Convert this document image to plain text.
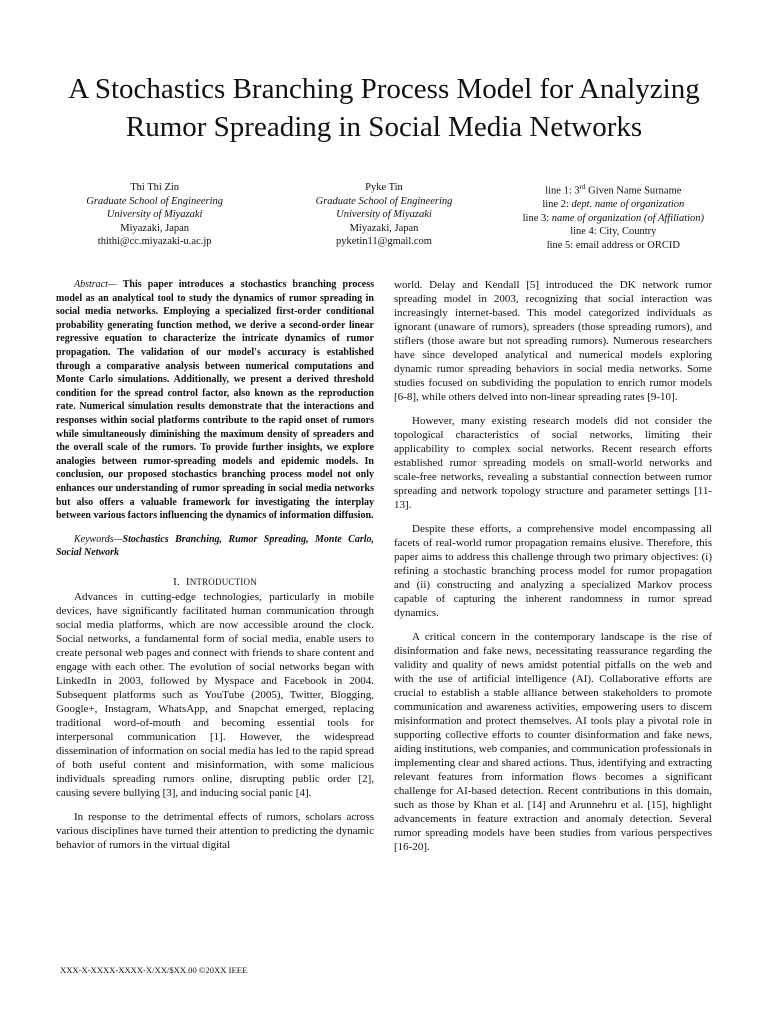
A Stochastics Branching Process Model for Analyzing Rumor Spreading in Social Media Networks
Thi Thi Zin
Graduate School of Engineering
University of Miyazaki
Miyazaki, Japan
thithi@cc.miyazaki-u.ac.jp
Pyke Tin
Graduate School of Engineering
University of Miyazaki
Miyazaki, Japan
pyketin11@gmail.com
line 1: 3rd Given Name Surname
line 2: dept. name of organization
line 3: name of organization (of Affiliation)
line 4: City, Country
line 5: email address or ORCID
Abstract— This paper introduces a stochastics branching process model as an analytical tool to study the dynamics of rumor spreading in social media networks. Employing a specialized first-order conditional probability generating function method, we derive a second-order linear regressive equation to characterize the intricate dynamics of rumor propagation. The validation of our model's accuracy is established through a comparative analysis between numerical computations and Monte Carlo simulations. Additionally, we present a derived threshold condition for the spread control factor, also known as the reproduction rate. Numerical simulation results demonstrate that the interactions and responses within social platforms contribute to the rapid onset of rumors while simultaneously diminishing the maximum density of spreaders and the overall scale of the rumors. To provide further insights, we explore analogies between rumor-spreading models and epidemic models. In conclusion, our proposed stochastics branching process model not only enhances our understanding of rumor spreading in social media networks but also offers a valuable framework for investigating the interplay between various factors influencing the dynamics of information diffusion.
Keywords—Stochastics Branching, Rumor Spreading, Monte Carlo, Social Network
I. INTRODUCTION

Advances in cutting-edge technologies, particularly in mobile devices, have significantly facilitated human communication through social media platforms, which are now accessible around the clock. Social networks, a fundamental form of social media, enable users to create personal web pages and connect with friends to share content and engage with each other. The evolution of social networks began with LinkedIn in 2003, followed by Myspace and Facebook in 2004. Subsequent platforms such as YouTube (2005), Twitter, Blogging, Google+, Instagram, WhatsApp, and Snapchat emerged, replacing traditional word-of-mouth and becoming essential tools for interpersonal communication [1]. However, the widespread dissemination of information on social media has led to the rapid spread of both useful content and misinformation, with some malicious individuals spreading rumors online, disrupting public order [2], causing severe bullying [3], and inducing social panic [4].

In response to the detrimental effects of rumors, scholars across various disciplines have turned their attention to predicting the dynamic behavior of rumors in the virtual digital

world. Delay and Kendall [5] introduced the DK network rumor spreading model in 2003, recognizing that social interaction was increasingly internet-based. This model categorized individuals as ignorant (unaware of rumors), spreaders (those spreading rumors), and stiflers (those aware but not spreading rumors). Numerous researchers have since developed analytical and numerical models exploring dynamic rumor spreading behaviors in social media networks. Some studies focused on subdividing the population to enrich rumor models [6-8], while others delved into non-linear spreading rates [9-10].

However, many existing research models did not consider the topological characteristics of social networks, limiting their applicability to complex social networks. Recent research efforts established rumor spreading models on small-world networks and scale-free networks, revealing a substantial connection between rumor spreading and network topology structure and parameter settings [11-13].

Despite these efforts, a comprehensive model encompassing all facets of real-world rumor propagation remains elusive. Therefore, this paper aims to address this challenge through two primary objectives: (i) refining a stochastic branching process model for rumor propagation and (ii) constructing and analyzing a specialized Markov process capable of capturing the inherent randomness in rumor spread dynamics.

A critical concern in the contemporary landscape is the rise of disinformation and fake news, necessitating reassurance regarding the validity and quality of news amidst potential pitfalls on the web and with the use of artificial intelligence (AI). Collaborative efforts are crucial to establish a stable alliance between stakeholders to promote communication and awareness activities, empowering users to discern misinformation and protect themselves. AI tools play a pivotal role in supporting collective efforts to counter disinformation and fake news, aiding institutions, web companies, and communication professionals in implementing clear and shared actions. Thus, identifying and extracting relevant features from information flows becomes a significant challenge for AI-based detection. Recent contributions in this domain, such as those by Khan et al. [14] and Arunnehru et al. [15], highlight advancements in feature extraction and anomaly detection. Several rumor spreading models have been studies from various perspectives [16-20].

XXX-X-XXXX-XXXX-X/XX/$XX.00 ©20XX IEEE
